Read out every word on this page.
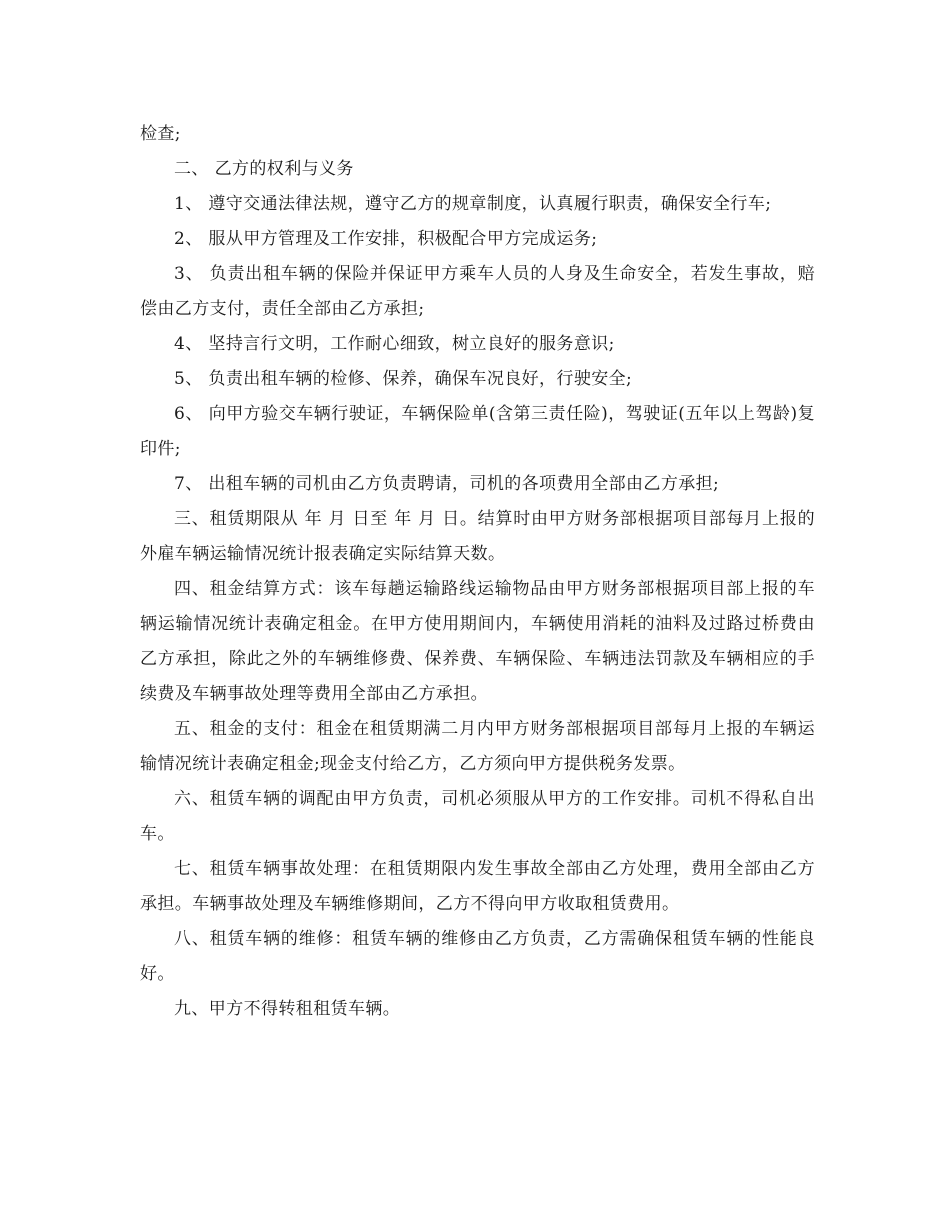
检查;

二、 乙方的权利与义务

1、 遵守交通法律法规，遵守乙方的规章制度，认真履行职责，确保安全行车;

2、 服从甲方管理及工作安排，积极配合甲方完成运务;

3、 负责出租车辆的保险并保证甲方乘车人员的人身及生命安全，若发生事故，赔偿由乙方支付，责任全部由乙方承担;

4、 坚持言行文明，工作耐心细致，树立良好的服务意识;

5、 负责出租车辆的检修、保养，确保车况良好，行驶安全;

6、 向甲方验交车辆行驶证，车辆保险单(含第三责任险)，驾驶证(五年以上驾龄)复印件;

7、 出租车辆的司机由乙方负责聘请，司机的各项费用全部由乙方承担;

三、租赁期限从 年 月 日至 年 月 日。结算时由甲方财务部根据项目部每月上报的外雇车辆运输情况统计报表确定实际结算天数。

四、租金结算方式：该车每趟运输路线运输物品由甲方财务部根据项目部上报的车辆运输情况统计表确定租金。在甲方使用期间内，车辆使用消耗的油料及过路过桥费由乙方承担，除此之外的车辆维修费、保养费、车辆保险、车辆违法罚款及车辆相应的手续费及车辆事故处理等费用全部由乙方承担。

五、租金的支付：租金在租赁期满二月内甲方财务部根据项目部每月上报的车辆运输情况统计表确定租金;现金支付给乙方，乙方须向甲方提供税务发票。

六、租赁车辆的调配由甲方负责，司机必须服从甲方的工作安排。司机不得私自出车。

七、租赁车辆事故处理：在租赁期限内发生事故全部由乙方处理，费用全部由乙方承担。车辆事故处理及车辆维修期间，乙方不得向甲方收取租赁费用。

八、租赁车辆的维修：租赁车辆的维修由乙方负责，乙方需确保租赁车辆的性能良好。

九、甲方不得转租租赁车辆。
